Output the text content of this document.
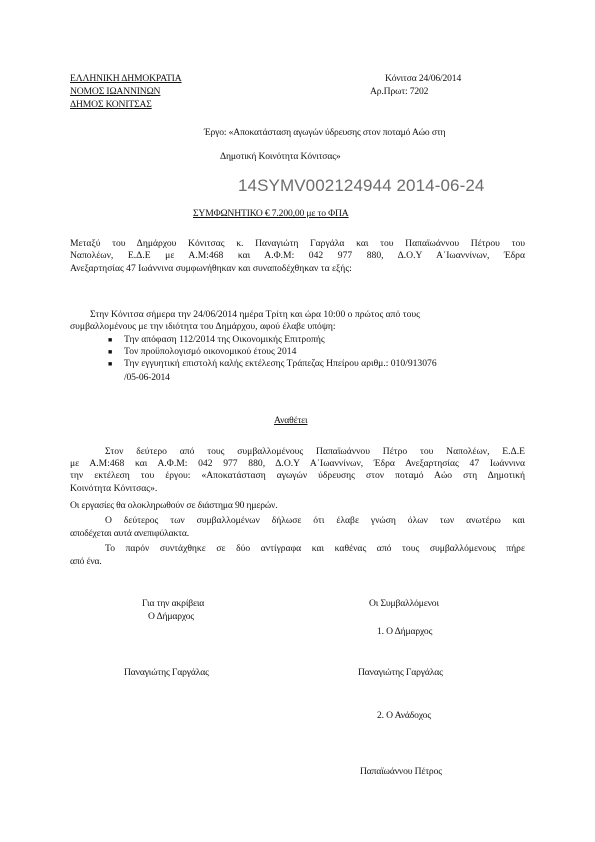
ΕΛΛΗΝΙΚΗ ΔΗΜΟΚΡΑΤΙΑ
ΝΟΜΟΣ ΙΩΑΝΝΙΝΩΝ
ΔΗΜΟΣ ΚΟΝΙΤΣΑΣ
Κόνιτσα 24/06/2014
Αρ.Πρωτ: 7202
Έργο: «Αποκατάσταση αγωγών ύδρευσης στον ποταμό Αώο στη
Δημοτική Κοινότητα Κόνιτσας»
14SYMV002124944 2014-06-24
ΣΥΜΦΩΝΗΤΙΚΟ € 7.200,00 με το ΦΠΑ
Μεταξύ του Δημάρχου Κόνιτσας κ. Παναγιώτη Γαργάλα και του Παπαϊωάννου Πέτρου του
Ναπολέων, Ε.Δ.Ε με Α.Μ:468 και Α.Φ.Μ: 042 977 880, Δ.Ο.Υ Α΄Ιωαννίνων, Έδρα
Ανεξαρτησίας 47 Ιωάννινα συμφωνήθηκαν και συναποδέχθηκαν τα εξής:
Στην Κόνιτσα σήμερα την 24/06/2014 ημέρα Τρίτη και ώρα 10:00 ο πρώτος από τους
συμβαλλομένους με την ιδιότητα του Δημάρχου, αφού έλαβε υπόψη:
■ Την απόφαση 112/2014 της Οικονομικής Επιτροπής
■ Τον προϋπολογισμό οικονομικού έτους 2014
■ Την εγγυητική επιστολή καλής εκτέλεσης Τράπεζας Ηπείρου αριθμ.: 010/913076
/05-06-2014
Αναθέτει
Στον δεύτερο από τους συμβαλλομένους Παπαϊωάννου Πέτρο του Ναπολέων, Ε.Δ.Ε
με Α.Μ:468 και Α.Φ.Μ: 042 977 880, Δ.Ο.Υ Α΄Ιωαννίνων, Έδρα Ανεξαρτησίας 47 Ιωάννινα
την εκτέλεση του έργου: «Αποκατάσταση αγωγών ύδρευσης στον ποταμό Αώο στη Δημοτική
Κοινότητα Κόνιτσας».
Οι εργασίες θα ολοκληρωθούν σε διάστημα 90 ημερών.
Ο δεύτερος των συμβαλλομένων δήλωσε ότι έλαβε γνώση όλων των ανωτέρω και
αποδέχεται αυτά ανεπιφύλακτα.
Το παρόν συντάχθηκε σε δύο αντίγραφα και καθένας από τους συμβαλλόμενους πήρε
από ένα.
Για την ακρίβεια
Ο Δήμαρχος
Παναγιώτης Γαργάλας
Οι Συμβαλλόμενοι
1. Ο Δήμαρχος
Παναγιώτης Γαργάλας
2. Ο Ανάδοχος
Παπαϊωάννου Πέτρος
